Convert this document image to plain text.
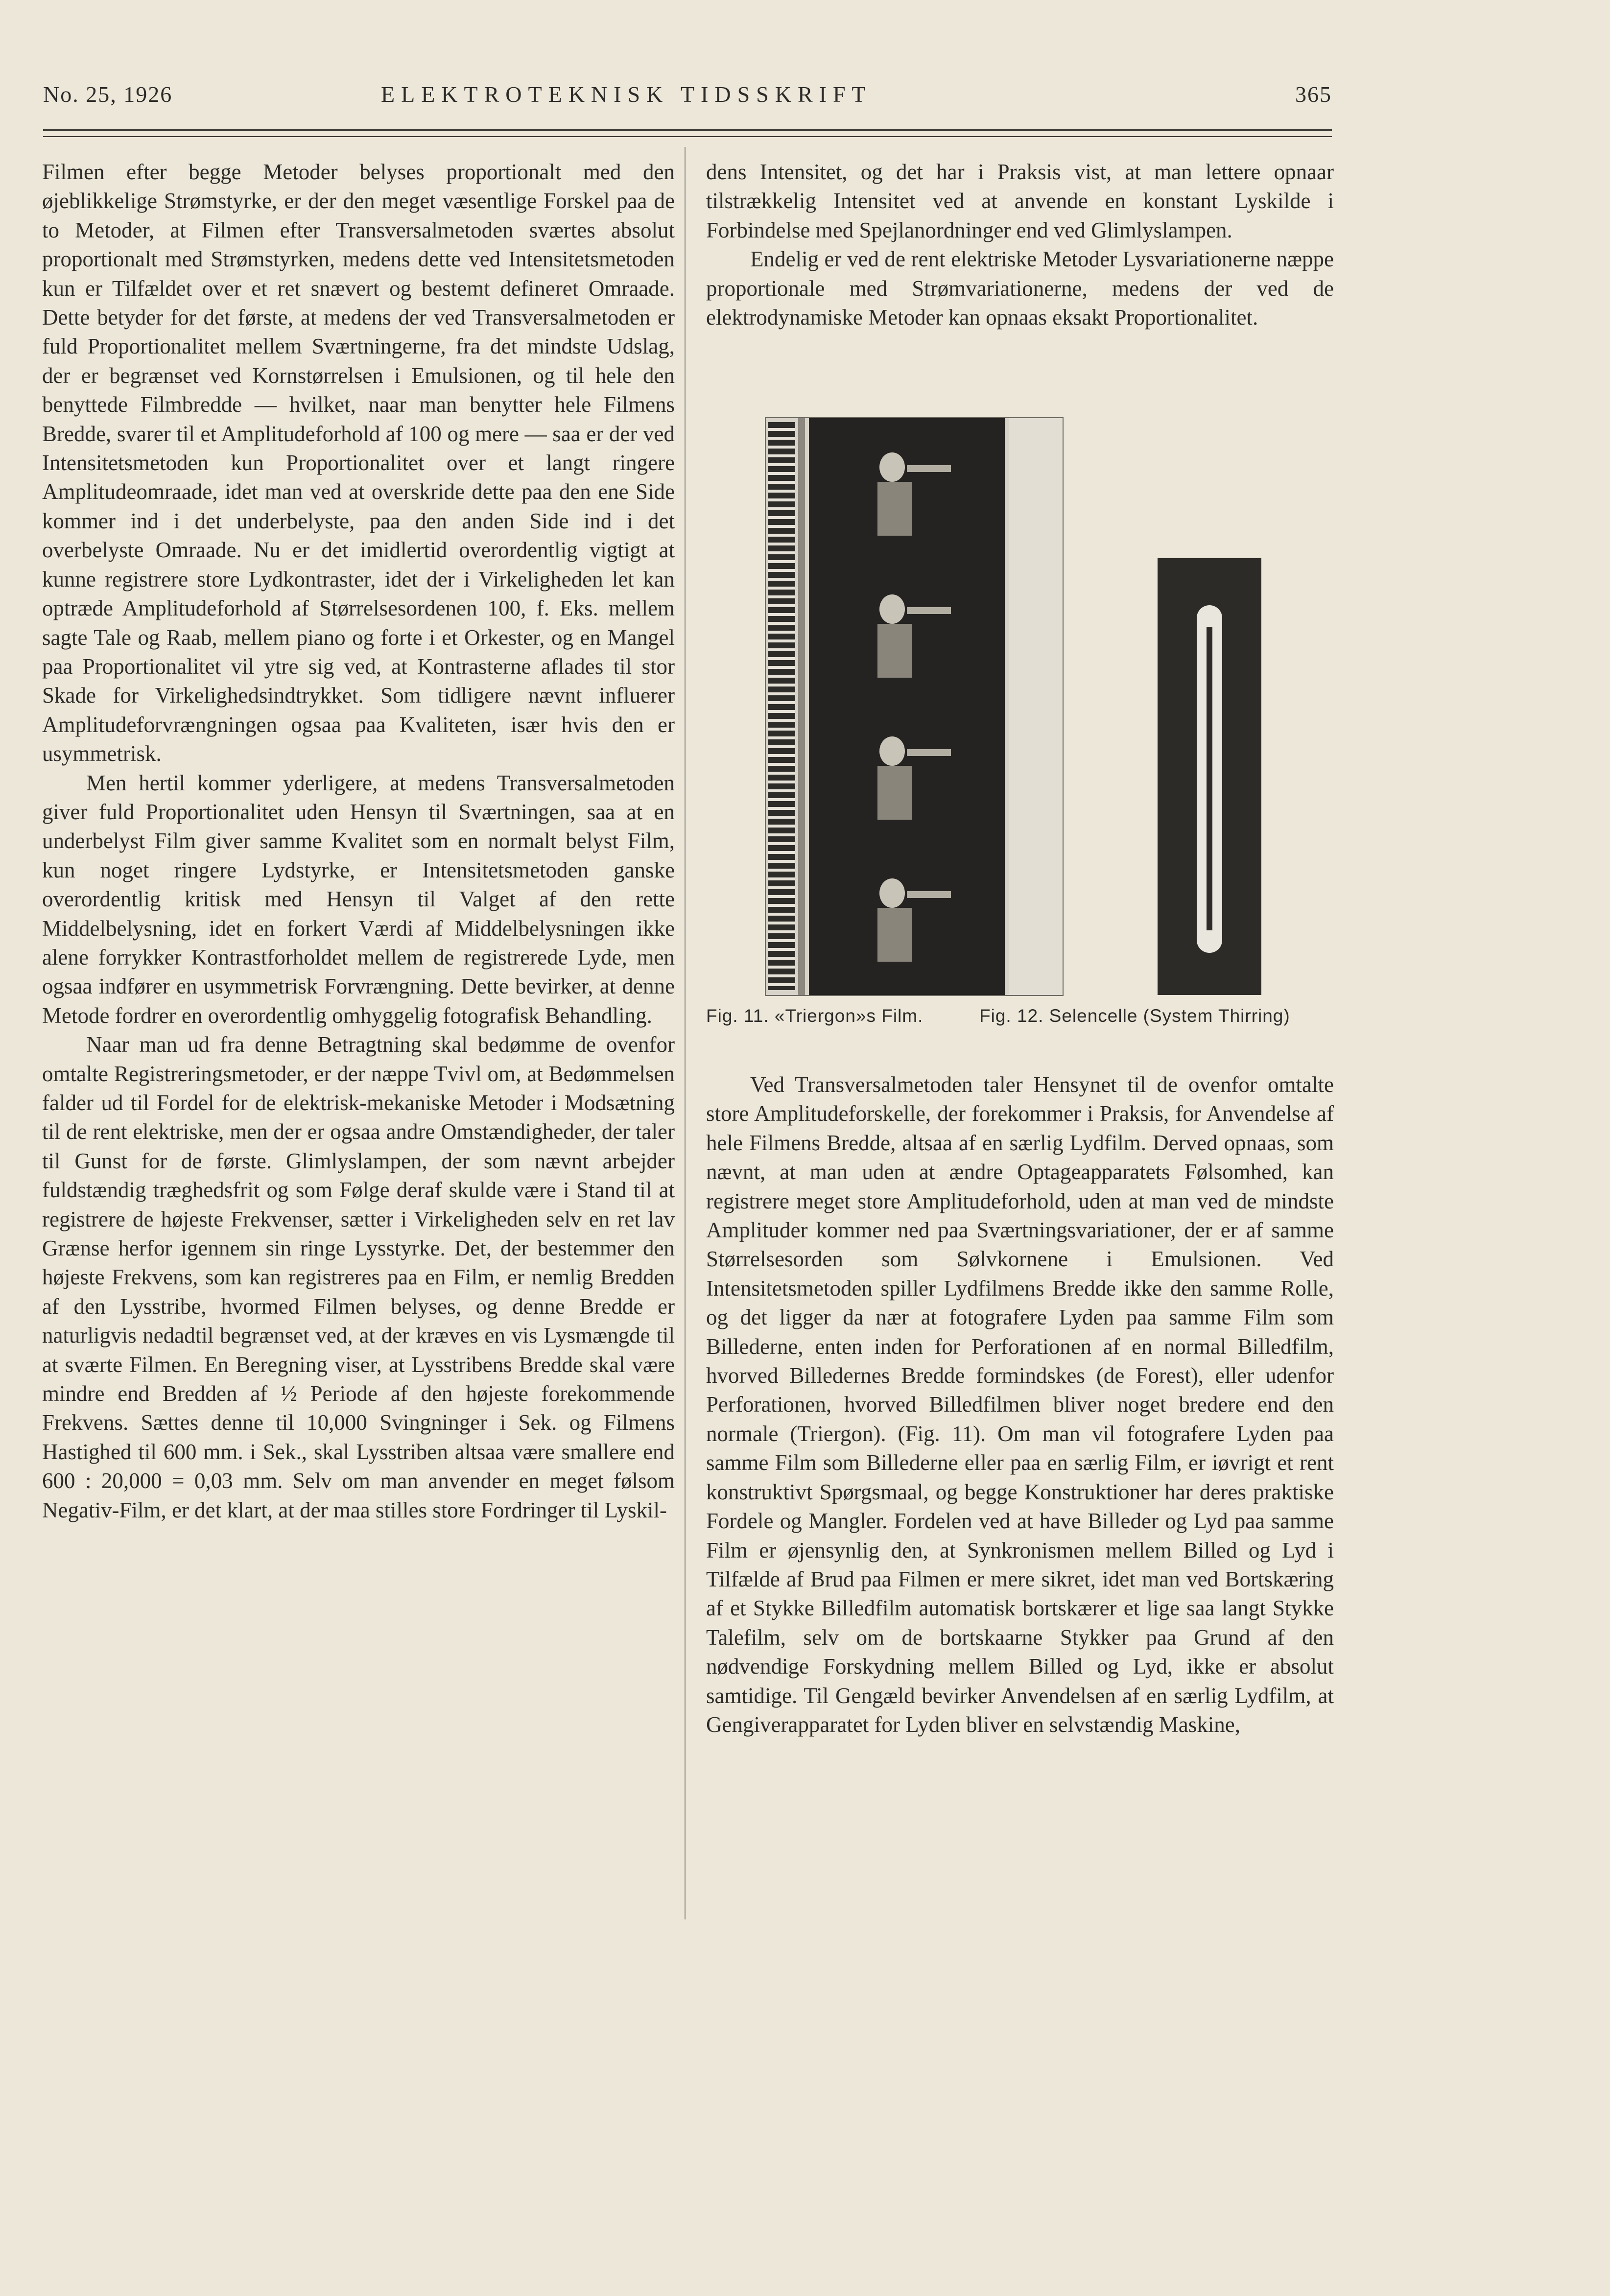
No. 25, 1926	ELEKTROTEKNISK TIDSSKRIFT	365

Filmen efter begge Metoder belyses proportionalt med den øjeblikkelige Strømstyrke, er der den meget væsentlige Forskel paa de to Metoder, at Filmen efter Transversalmetoden sværtes absolut proportionalt med Strømstyrken, medens dette ved Intensitetsmetoden kun er Tilfældet over et ret snævert og bestemt defineret Omraade. Dette betyder for det første, at medens der ved Transversalmetoden er fuld Proportionalitet mellem Sværtningerne, fra det mindste Udslag, der er begrænset ved Kornstørrelsen i Emulsionen, og til hele den benyttede Filmbredde — hvilket, naar man benytter hele Filmens Bredde, svarer til et Amplitudeforhold af 100 og mere — saa er der ved Intensitetsmetoden kun Proportionalitet over et langt ringere Amplitudeomraade, idet man ved at overskride dette paa den ene Side kommer ind i det underbelyste, paa den anden Side ind i det overbelyste Omraade. Nu er det imidlertid overordentlig vigtigt at kunne registrere store Lydkontraster, idet der i Virkeligheden let kan optræde Amplitudeforhold af Størrelsesordenen 100, f. Eks. mellem sagte Tale og Raab, mellem piano og forte i et Orkester, og en Mangel paa Proportionalitet vil ytre sig ved, at Kontrasterne aflades til stor Skade for Virkelighedsindtrykket. Som tidligere nævnt influerer Amplitudeforvrængningen ogsaa paa Kvaliteten, især hvis den er usymmetrisk.

Men hertil kommer yderligere, at medens Transversalmetoden giver fuld Proportionalitet uden Hensyn til Sværtningen, saa at en underbelyst Film giver samme Kvalitet som en normalt belyst Film, kun noget ringere Lydstyrke, er Intensitetsmetoden ganske overordentlig kritisk med Hensyn til Valget af den rette Middelbelysning, idet en forkert Værdi af Middelbelysningen ikke alene forrykker Kontrastforholdet mellem de registrerede Lyde, men ogsaa indfører en usymmetrisk Forvrængning. Dette bevirker, at denne Metode fordrer en overordentlig omhyggelig fotografisk Behandling.

Naar man ud fra denne Betragtning skal bedømme de ovenfor omtalte Registreringsmetoder, er der næppe Tvivl om, at Bedømmelsen falder ud til Fordel for de elektrisk-mekaniske Metoder i Modsætning til de rent elektriske, men der er ogsaa andre Omstændigheder, der taler til Gunst for de første. Glimlyslampen, der som nævnt arbejder fuldstændig træghedsfrit og som Følge deraf skulde være i Stand til at registrere de højeste Frekvenser, sætter i Virkeligheden selv en ret lav Grænse herfor igennem sin ringe Lysstyrke. Det, der bestemmer den højeste Frekvens, som kan registreres paa en Film, er nemlig Bredden af den Lysstribe, hvormed Filmen belyses, og denne Bredde er naturligvis nedadtil begrænset ved, at der kræves en vis Lysmængde til at sværte Filmen. En Beregning viser, at Lysstribens Bredde skal være mindre end Bredden af ½ Periode af den højeste forekommende Frekvens. Sættes denne til 10,000 Svingninger i Sek. og Filmens Hastighed til 600 mm. i Sek., skal Lysstriben altsaa være smallere end 600 : 20,000 = 0,03 mm. Selv om man anvender en meget følsom Negativ-Film, er det klart, at der maa stilles store Fordringer til Lyskil-

dens Intensitet, og det har i Praksis vist, at man lettere opnaar tilstrækkelig Intensitet ved at anvende en konstant Lyskilde i Forbindelse med Spejlanordninger end ved Glimlyslampen.

Endelig er ved de rent elektriske Metoder Lysvariationerne næppe proportionale med Strømvariationerne, medens der ved de elektrodynamiske Metoder kan opnaas eksakt Proportionalitet.

Fig. 11. «Triergon»s Film.	Fig. 12. Selencelle (System Thirring)

Ved Transversalmetoden taler Hensynet til de ovenfor omtalte store Amplitudeforskelle, der forekommer i Praksis, for Anvendelse af hele Filmens Bredde, altsaa af en særlig Lydfilm. Derved opnaas, som nævnt, at man uden at ændre Optageapparatets Følsomhed, kan registrere meget store Amplitudeforhold, uden at man ved de mindste Amplituder kommer ned paa Sværtningsvariationer, der er af samme Størrelsesorden som Sølvkornene i Emulsionen. Ved Intensitetsmetoden spiller Lydfilmens Bredde ikke den samme Rolle, og det ligger da nær at fotografere Lyden paa samme Film som Billederne, enten inden for Perforationen af en normal Billedfilm, hvorved Billedernes Bredde formindskes (de Forest), eller udenfor Perforationen, hvorved Billedfilmen bliver noget bredere end den normale (Triergon). (Fig. 11). Om man vil fotografere Lyden paa samme Film som Billederne eller paa en særlig Film, er iøvrigt et rent konstruktivt Spørgsmaal, og begge Konstruktioner har deres praktiske Fordele og Mangler. Fordelen ved at have Billeder og Lyd paa samme Film er øjensynlig den, at Synkronismen mellem Billed og Lyd i Tilfælde af Brud paa Filmen er mere sikret, idet man ved Bortskæring af et Stykke Billedfilm automatisk bortskærer et lige saa langt Stykke Talefilm, selv om de bortskaarne Stykker paa Grund af den nødvendige Forskydning mellem Billed og Lyd, ikke er absolut samtidige. Til Gengæld bevirker Anvendelsen af en særlig Lydfilm, at Gengiverapparatet for Lyden bliver en selvstændig Maskine,
